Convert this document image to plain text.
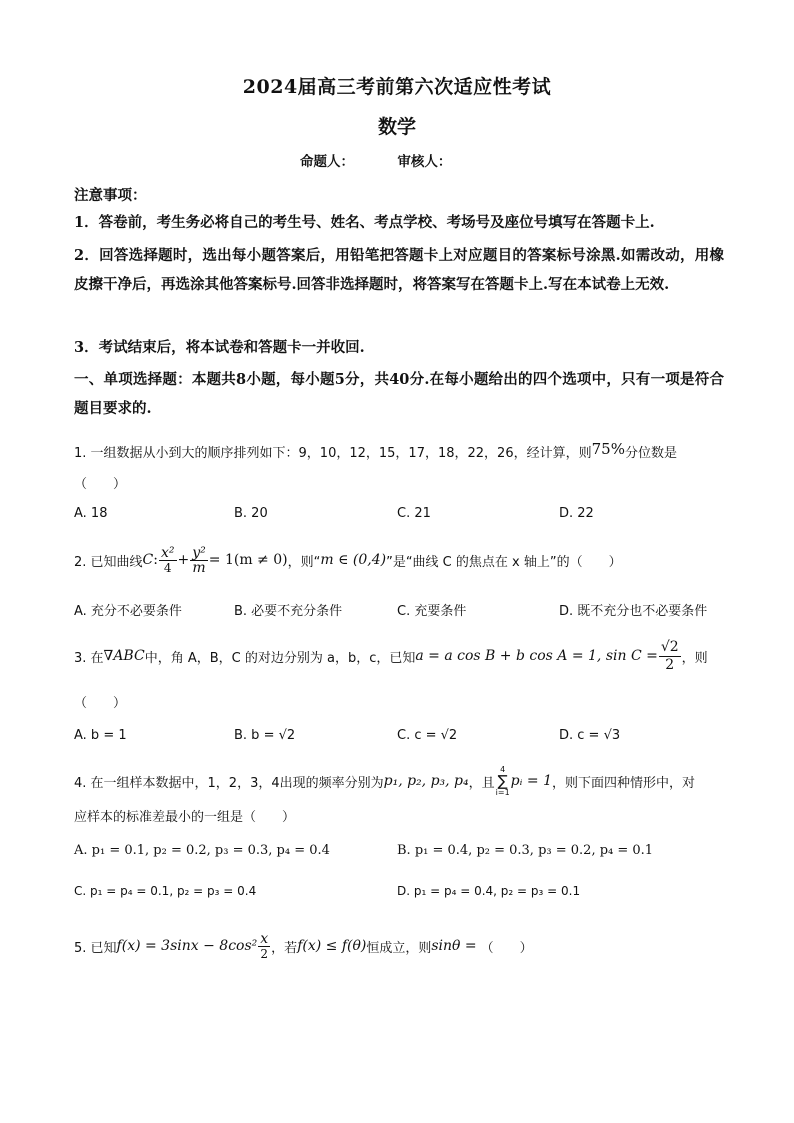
2024届高三考前第六次适应性考试
数学
命题人：	审核人：
注意事项：
1．答卷前，考生务必将自己的考生号、姓名、考点学校、考场号及座位号填写在答题卡上.
2．回答选择题时，选出每小题答案后，用铅笔把答题卡上对应题目的答案标号涂黑.如需改动，用橡皮擦干净后，再选涂其他答案标号.回答非选择题时，将答案写在答题卡上.写在本试卷上无效.
3．考试结束后，将本试卷和答题卡一并收回.
一、单项选择题：本题共8小题，每小题5分，共40分.在每小题给出的四个选项中，只有一项是符合题目要求的.
1. 一组数据从小到大的顺序排列如下：9，10，12，15，17，18，22，26，经计算，则75%分位数是
（　　）
A. 18	B. 20	C. 21	D. 22
2. 已知曲线 C : $\frac{\text{x²}}{4} + \frac{\text{y²}}{m} = 1(m \ne 0)$ ，则“ m ∈ (0,4) ”是“曲线 C 的焦点在 x 轴上”的（　　）
A. 充分不必要条件	B. 必要不充分条件	C. 充要条件	D. 既不充分也不必要条件
3. 在 ∇ABC 中，角 A，B，C 的对边分别为 a，b，c，已知 a = a cos B + b cos A = 1, $\sin C = \frac{√2}{2}$ ，则
（　　）
A. b = 1	B. b = √2	C. c = √2	D. c = √3
4. 在一组样本数据中，1，2，3，4出现的频率分别为 p₁, p₂, p₃, p₄ ，且
4
∑
i=1
pᵢ = 1 ，则下面四种情形中，对
应样本的标准差最小的一组是（　　）
A. p₁ = 0.1, p₂ = 0.2, p₃ = 0.3, p₄ = 0.4	B. p₁ = 0.4, p₂ = 0.3, p₃ = 0.2, p₄ = 0.1
C. p₁ = p₄ = 0.1, p₂ = p₃ = 0.4	D. p₁ = p₄ = 0.4, p₂ = p₃ = 0.1
5. 已知 $f(x) = 3\sin x - 8\cos^2 \frac{x}{2}$ ，若 f(x) ≤ f(θ) 恒成立，则 sinθ = （　　）
